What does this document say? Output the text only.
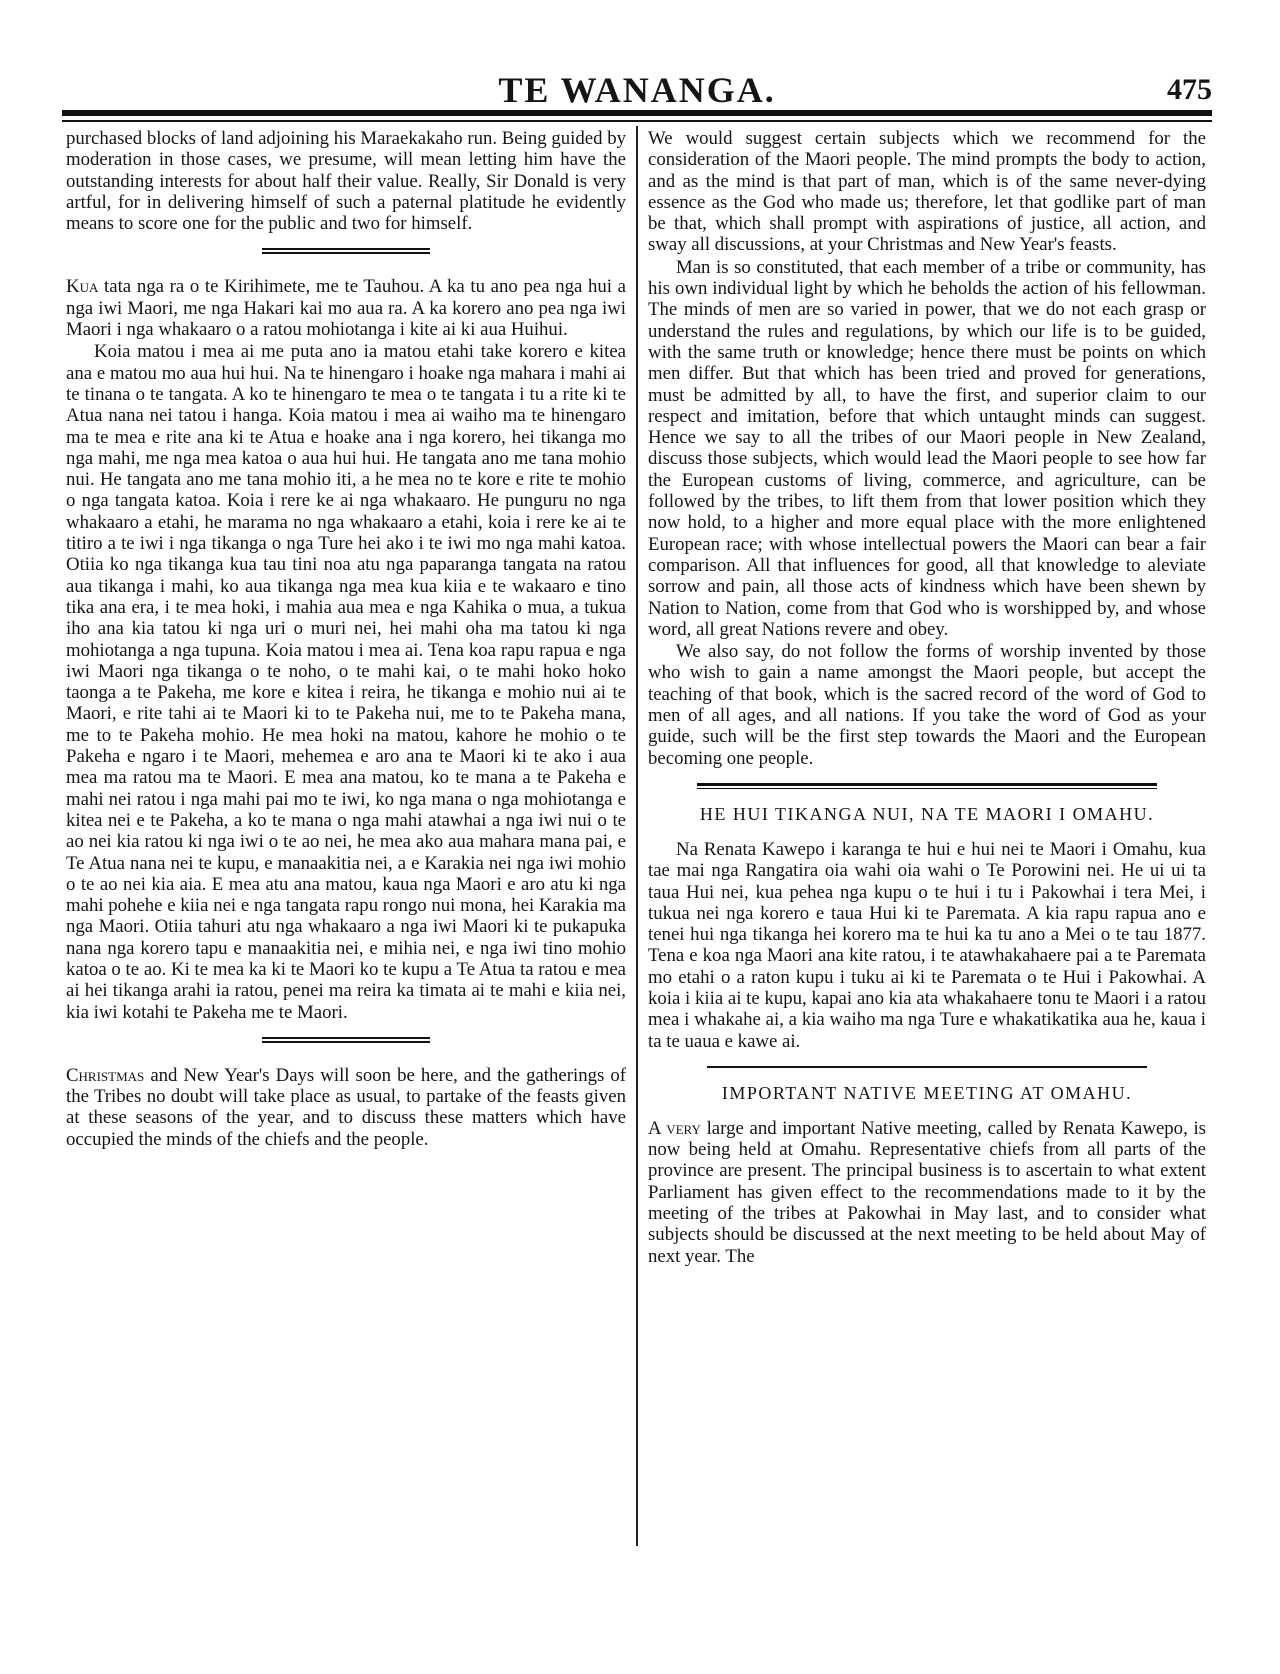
TE WANANGA.	475

purchased blocks of land adjoining his Maraekakaho run. Being guided by moderation in those cases, we presume, will mean letting him have the outstanding interests for about half their value. Really, Sir Donald is very artful, for in delivering himself of such a paternal platitude he evidently means to score one for the public and two for himself.

Kua tata nga ra o te Kirihimete, me te Tauhou. A ka tu ano pea nga hui a nga iwi Maori, me nga Hakari kai mo aua ra. A ka korero ano pea nga iwi Maori i nga whakaaro o a ratou mohiotanga i kite ai ki aua Huihui.

Koia matou i mea ai me puta ano ia matou etahi take korero e kitea ana e matou mo aua hui hui. Na te hinengaro i hoake nga mahara i mahi ai te tinana o te tangata. A ko te hinengaro te mea o te tangata i tu a rite ki te Atua nana nei tatou i hanga. Koia matou i mea ai waiho ma te hinengaro ma te mea e rite ana ki te Atua e hoake ana i nga korero, hei tikanga mo nga mahi, me nga mea katoa o aua hui hui. He tangata ano me tana mohio nui. He tangata ano me tana mohio iti, a he mea no te kore e rite te mohio o nga tangata katoa. Koia i rere ke ai nga whakaaro. He punguru no nga whakaaro a etahi, he marama no nga whakaaro a etahi, koia i rere ke ai te titiro a te iwi i nga tikanga o nga Ture hei ako i te iwi mo nga mahi katoa. Otiia ko nga tikanga kua tau tini noa atu nga paparanga tangata na ratou aua tikanga i mahi, ko aua tikanga nga mea kua kiia e te wakaaro e tino tika ana era, i te mea hoki, i mahia aua mea e nga Kahika o mua, a tukua iho ana kia tatou ki nga uri o muri nei, hei mahi oha ma tatou ki nga mohiotanga a nga tupuna. Koia matou i mea ai. Tena koa rapu rapua e nga iwi Maori nga tikanga o te noho, o te mahi kai, o te mahi hoko hoko taonga a te Pakeha, me kore e kitea i reira, he tikanga e mohio nui ai te Maori, e rite tahi ai te Maori ki to te Pakeha nui, me to te Pakeha mana, me to te Pakeha mohio. He mea hoki na matou, kahore he mohio o te Pakeha e ngaro i te Maori, mehemea e aro ana te Maori ki te ako i aua mea ma ratou ma te Maori. E mea ana matou, ko te mana a te Pakeha e mahi nei ratou i nga mahi pai mo te iwi, ko nga mana o nga mohiotanga e kitea nei e te Pakeha, a ko te mana o nga mahi atawhai a nga iwi nui o te ao nei kia ratou ki nga iwi o te ao nei, he mea ako aua mahara mana pai, e Te Atua nana nei te kupu, e manaakitia nei, a e Karakia nei nga iwi mohio o te ao nei kia aia. E mea atu ana matou, kaua nga Maori e aro atu ki nga mahi pohehe e kiia nei e nga tangata rapu rongo nui mona, hei Karakia ma nga Maori. Otiia tahuri atu nga whakaaro a nga iwi Maori ki te pukapuka nana nga korero tapu e manaakitia nei, e mihia nei, e nga iwi tino mohio katoa o te ao. Ki te mea ka ki te Maori ko te kupu a Te Atua ta ratou e mea ai hei tikanga arahi ia ratou, penei ma reira ka timata ai te mahi e kiia nei, kia iwi kotahi te Pakeha me te Maori.

Christmas and New Year's Days will soon be here, and the gatherings of the Tribes no doubt will take place as usual, to partake of the feasts given at these seasons of the year, and to discuss these matters which have occupied the minds of the chiefs and the people.

We would suggest certain subjects which we recommend for the consideration of the Maori people. The mind prompts the body to action, and as the mind is that part of man, which is of the same never-dying essence as the God who made us; therefore, let that godlike part of man be that, which shall prompt with aspirations of justice, all action, and sway all discussions, at your Christmas and New Year's feasts.

Man is so constituted, that each member of a tribe or community, has his own individual light by which he beholds the action of his fellowman. The minds of men are so varied in power, that we do not each grasp or understand the rules and regulations, by which our life is to be guided, with the same truth or knowledge; hence there must be points on which men differ. But that which has been tried and proved for generations, must be admitted by all, to have the first, and superior claim to our respect and imitation, before that which untaught minds can suggest. Hence we say to all the tribes of our Maori people in New Zealand, discuss those subjects, which would lead the Maori people to see how far the European customs of living, commerce, and agriculture, can be followed by the tribes, to lift them from that lower position which they now hold, to a higher and more equal place with the more enlightened European race; with whose intellectual powers the Maori can bear a fair comparison. All that influences for good, all that knowledge to aleviate sorrow and pain, all those acts of kindness which have been shewn by Nation to Nation, come from that God who is worshipped by, and whose word, all great Nations revere and obey.

We also say, do not follow the forms of worship invented by those who wish to gain a name amongst the Maori people, but accept the teaching of that book, which is the sacred record of the word of God to men of all ages, and all nations. If you take the word of God as your guide, such will be the first step towards the Maori and the European becoming one people.

HE HUI TIKANGA NUI, NA TE MAORI I OMAHU.

Na Renata Kawepo i karanga te hui e hui nei te Maori i Omahu, kua tae mai nga Rangatira oia wahi oia wahi o Te Porowini nei. He ui ui ta taua Hui nei, kua pehea nga kupu o te hui i tu i Pakowhai i tera Mei, i tukua nei nga korero e taua Hui ki te Paremata. A kia rapu rapua ano e tenei hui nga tikanga hei korero ma te hui ka tu ano a Mei o te tau 1877. Tena e koa nga Maori ana kite ratou, i te atawhakahaere pai a te Paremata mo etahi o a raton kupu i tuku ai ki te Paremata o te Hui i Pakowhai. A koia i kiia ai te kupu, kapai ano kia ata whakahaere tonu te Maori i a ratou mea i whakahe ai, a kia waiho ma nga Ture e whakatikatika aua he, kaua i ta te uaua e kawe ai.

IMPORTANT NATIVE MEETING AT OMAHU.

A very large and important Native meeting, called by Renata Kawepo, is now being held at Omahu. Representative chiefs from all parts of the province are present. The principal business is to ascertain to what extent Parliament has given effect to the recommendations made to it by the meeting of the tribes at Pakowhai in May last, and to consider what subjects should be discussed at the next meeting to be held about May of next year. The
